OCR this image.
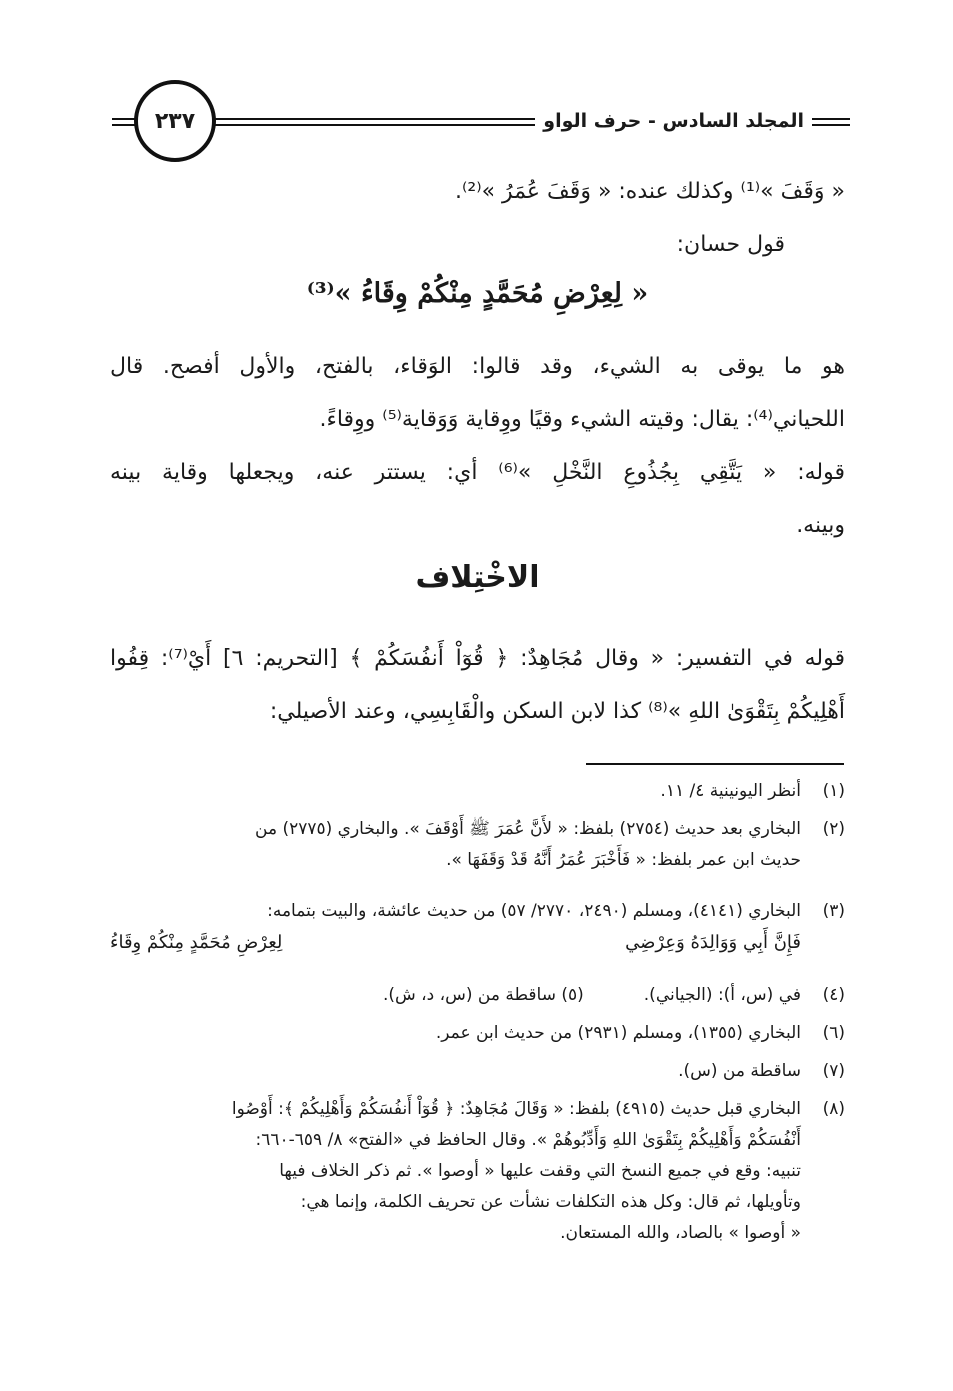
المجلد السادس - حرف الواو
٢٣٧
« وَقَفَ »⁽¹⁾ وكذلك عنده: « وَقَفَ عُمَرُ »⁽²⁾.
قول حسان:
« لِعِرْضِ مُحَمَّدٍ مِنْكُمْ وِقَاءُ »⁽³⁾
هو ما يوقى به الشيء، وقد قالوا: الوَقاء، بالفتح، والأول أفصح. قال
اللحياني⁽⁴⁾: يقال: وقيته الشيء وقيًا ووِقاية وَوَقاية⁽⁵⁾ ووِقاءً.
قوله: « يَتَّقِي بِجُذُوعِ النَّخْلِ »⁽⁶⁾ أي: يستتر عنه، ويجعلها وقاية بينه
وبينه.
الاخْتِلاف
قوله في التفسير: « وقال مُجَاهِدٌ: ﴿ قُوٓاْ أَنفُسَكُمْ ﴾ [التحريم: ٦] أَيْ⁽⁷⁾: قِفُوا
أَهْلِيكُمْ بِتَقْوَىٰ اللهِ »⁽⁸⁾ كذا لابن السكن والْقَابِسِي، وعند الأصيلي:
(١)
أنظر اليونينية ٤/ ١١.
(٢)
البخاري بعد حديث (٢٧٥٤) بلفظ: « لأَنَّ عُمَرَ ﷺ أَوْقَفَ ». والبخاري (٢٧٧٥) من
حديث ابن عمر بلفظ: « فَأَخْبَرَ عُمَرُ أَنَّهُ قَدْ وَقَفَهَا ».
(٣)
البخاري (٤١٤١)، ومسلم (٢٤٩٠، ٢٧٧٠/ ٥٧) من حديث عائشة، والبيت بتمامه:
فَإِنَّ أَبِي وَوَالِدَهُ وَعِرْضِي
لِعِرْضِ مُحَمَّدٍ مِنْكُمْ وِقَاءُ
(٤)
في (س، أ): (الجياني).
(٥) ساقطة من (س، د، ش).
(٦)
البخاري (١٣٥٥)، ومسلم (٢٩٣١) من حديث ابن عمر.
(٧)
ساقطة من (س).
(٨)
البخاري قبل حديث (٤٩١٥) بلفظ: « وَقَالَ مُجَاهِدٌ: ﴿ قُوٓاْ أَنفُسَكُمْ وَأَهْلِيكُمْ ﴾: أَوْصُوا
أَنْفُسَكُمْ وَأَهْلِيكُمْ بِتَقْوَىٰ اللهِ وَأَدِّبُوهُمْ ». وقال الحافظ في «الفتح» ٨/ ٦٥٩-٦٦٠:
تنبيه: وقع في جميع النسخ التي وقفت عليها « أوصوا ». ثم ذكر الخلاف فيها
وتأويلها، ثم قال: وكل هذه التكلفات نشأت عن تحريف الكلمة، وإنما هي:
« أوصوا » بالصاد، والله المستعان.
